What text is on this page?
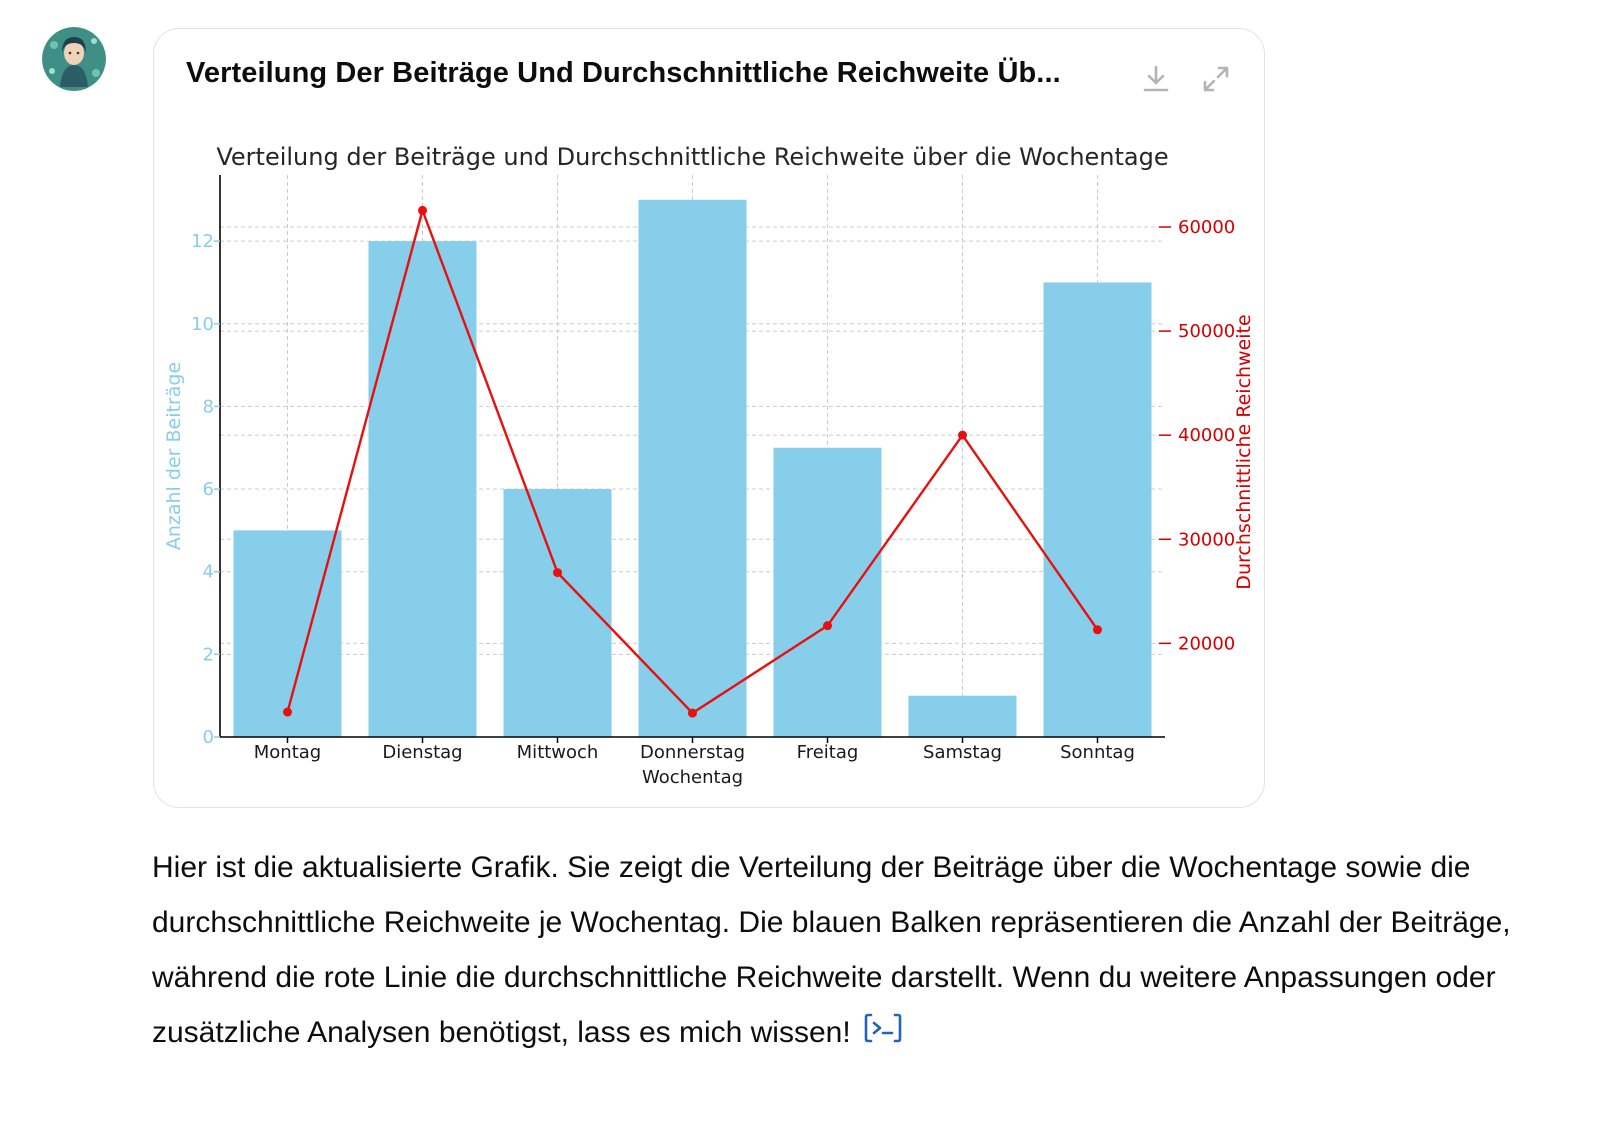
Verteilung Der Beiträge Und Durchschnittliche Reichweite Üb...
Verteilung der Beiträge und Durchschnittliche Reichweite über die Wochentage
0
2
4
6
8
10
12
20000
30000
40000
50000
60000
Montag	Dienstag	Mittwoch Donnerstag	Freitag	Samstag	Sonntag
Wochentag
Anzahl der Beiträge	Durchschnittliche Reichweite
Hier ist die aktualisierte Grafik. Sie zeigt die Verteilung der Beiträge über die Wochentage sowie die durchschnittliche Reichweite je Wochentag. Die blauen Balken repräsentieren die Anzahl der Beiträge, während die rote Linie die durchschnittliche Reichweite darstellt. Wenn du weitere Anpassungen oder zusätzliche Analysen benötigst, lass es mich wissen!
